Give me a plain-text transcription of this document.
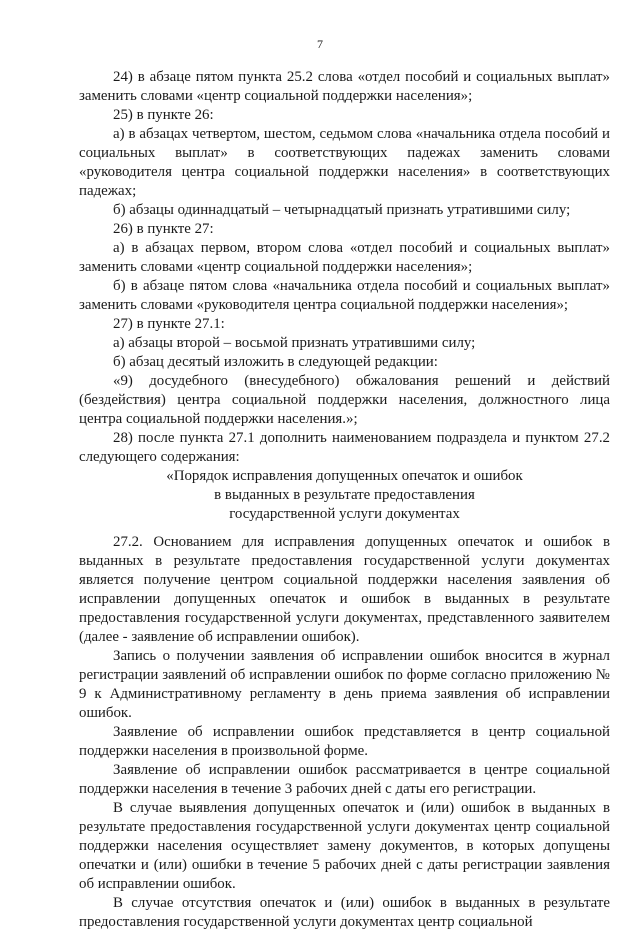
7

24) в абзаце пятом пункта 25.2 слова «отдел пособий и социальных выплат» заменить словами «центр социальной поддержки населения»;

25) в пункте 26:

а) в абзацах четвертом, шестом, седьмом слова «начальника отдела пособий и социальных выплат» в соответствующих падежах заменить словами «руководителя центра социальной поддержки населения» в соответствующих падежах;

б) абзацы одиннадцатый – четырнадцатый признать утратившими силу;

26) в пункте 27:

а) в абзацах первом, втором слова «отдел пособий и социальных выплат» заменить словами «центр социальной поддержки населения»;

б) в абзаце пятом слова «начальника отдела пособий и социальных выплат» заменить словами «руководителя центра социальной поддержки населения»;

27) в пункте 27.1:

а) абзацы второй – восьмой признать утратившими силу;

б) абзац десятый изложить в следующей редакции:

«9) досудебного (внесудебного) обжалования решений и действий (бездействия) центра социальной поддержки населения, должностного лица центра социальной поддержки населения.»;

28) после пункта 27.1 дополнить наименованием подраздела и пунктом 27.2 следующего содержания:

«Порядок исправления допущенных опечаток и ошибок

в выданных в результате предоставления

государственной услуги документах

27.2. Основанием для исправления допущенных опечаток и ошибок в выданных в результате предоставления государственной услуги документах является получение центром социальной поддержки населения заявления об исправлении допущенных опечаток и ошибок в выданных в результате предоставления государственной услуги документах, представленного заявителем (далее - заявление об исправлении ошибок).

Запись о получении заявления об исправлении ошибок вносится в журнал регистрации заявлений об исправлении ошибок по форме согласно приложению № 9 к Административному регламенту в день приема заявления об исправлении ошибок.

Заявление об исправлении ошибок представляется в центр социальной поддержки населения в произвольной форме.

Заявление об исправлении ошибок рассматривается в центре социальной поддержки населения в течение 3 рабочих дней с даты его регистрации.

В случае выявления допущенных опечаток и (или) ошибок в выданных в результате предоставления государственной услуги документах центр социальной поддержки населения осуществляет замену документов, в которых допущены опечатки и (или) ошибки в течение 5 рабочих дней с даты регистрации заявления об исправлении ошибок.

В случае отсутствия опечаток и (или) ошибок в выданных в результате предоставления государственной услуги документах центр социальной
